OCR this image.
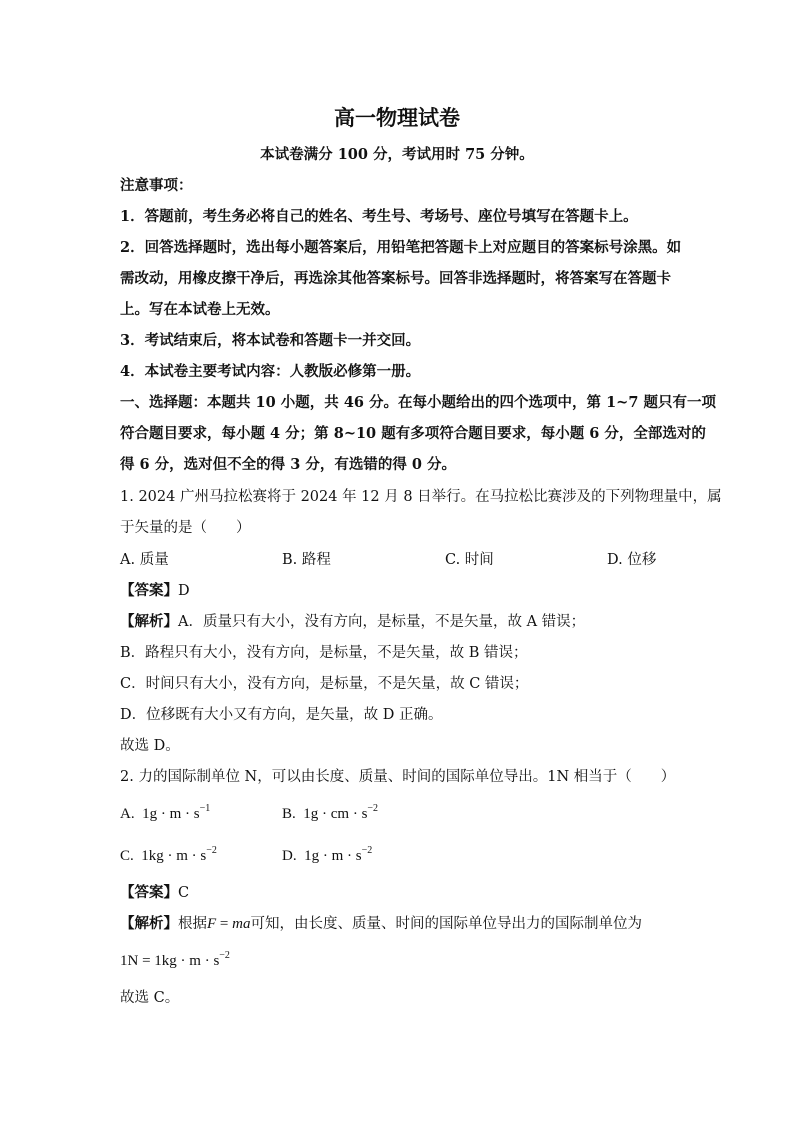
高一物理试卷
本试卷满分 100 分，考试用时 75 分钟。
注意事项：
1．答题前，考生务必将自己的姓名、考生号、考场号、座位号填写在答题卡上。
2．回答选择题时，选出每小题答案后，用铅笔把答题卡上对应题目的答案标号涂黑。如
需改动，用橡皮擦干净后，再选涂其他答案标号。回答非选择题时，将答案写在答题卡
上。写在本试卷上无效。
3．考试结束后，将本试卷和答题卡一并交回。
4．本试卷主要考试内容：人教版必修第一册。
一、选择题：本题共 10 小题，共 46 分。在每小题给出的四个选项中，第 1~7 题只有一项
符合题目要求，每小题 4 分；第 8~10 题有多项符合题目要求，每小题 6 分，全部选对的
得 6 分，选对但不全的得 3 分，有选错的得 0 分。
1. 2024 广州马拉松赛将于 2024 年 12 月 8 日举行。在马拉松比赛涉及的下列物理量中，属
于矢量的是（　　）
A. 质量	B. 路程	C. 时间	D. 位移
【答案】D
【解析】A．质量只有大小，没有方向，是标量，不是矢量，故 A 错误；
B．路程只有大小，没有方向，是标量，不是矢量，故 B 错误；
C．时间只有大小，没有方向，是标量，不是矢量，故 C 错误；
D．位移既有大小又有方向，是矢量，故 D 正确。
故选 D。
2. 力的国际制单位 N，可以由长度、质量、时间的国际单位导出。1N 相当于（　　）
A. $1g \cdot m \cdot s^{-1}$	B. 1g · cm · $s^{-2}$
C. $1kg \cdot m \cdot s^{-2}$	D. $1g \cdot m \cdot s^{-2}$
【答案】C
【解析】根据F = ma可知，由长度、质量、时间的国际单位导出力的国际制单位为
$1N = 1kg \cdot m \cdot s^{-2}$
故选 C。
